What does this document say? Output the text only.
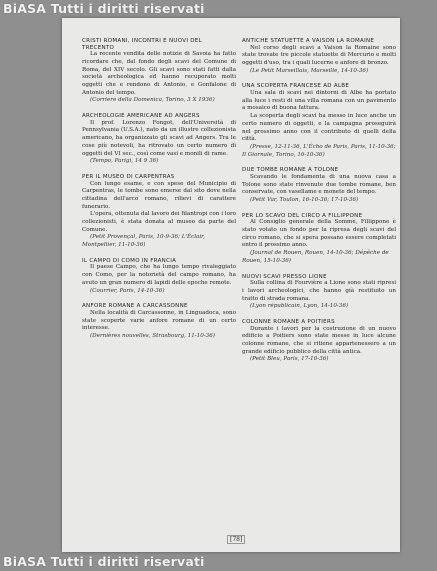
BiASA Tutti i diritti riservati
CRISTI ROMANI, INCONTRI E NUOVI DEL TRECENTO
La recente vendita delle notizie di Savoia ha fatto ricordare che, dal fondo degli scavi del Comune di Roma, del XIV secolo. Gli scavi sono stati fatti dalla società archeologica ed hanno recuperato molti oggetti che e rendono di Antonio, e Gonfalone di Antonio del tempo.
(Corriere della Domenica, Torino, 3 X 1936)
ARCHEOLOGIE AMERICANE AD ANGERS
Il prof. Lorenzo Fongot, dell'Università di Pennsylvania (U.S.A.), nato da un illustre collezionista americano, ha organizzato gli scavi ad Angers. Tra le cose più notevoli, ha ritrovato un certo numero di oggetti del VI sec., così come vasi e monili di rame.
(Tempo, Parigi, 14 9 36)
PER IL MUSEO DI CARPENTRAS
Con lungo esame, e con spese del Municipio di Carpentras, le tombe sono emerse dal sito dove nella cittadina dell'arco romano, rilievi di carattere funerario.
L'opera, ottenuta dal lavoro dei filantropi con i loro collezionisti, è stata donata al museo da parte del Comune.
(Petit Provençal, Paris, 10-9-36; L'Éclair, Montpellier, 11-10-36)
IL CAMPO DI COMO IN FRANCIA
Il paese Campo, che ha lungo tempo rivaleggiato con Como, per la notorietà del campo romano, ha avuto un gran numero di lapidi delle epoche remote.
(Courrier, Paris, 14-10-36)
ANFORE ROMANE A CARCASSONNE
Nella località di Carcassonne, in Linguadoca, sono state scoperte varie anfore romane di un certo interesse.
(Dernières nouvelles, Strasbourg, 11-10-36)
ANTICHE STATUETTE A VAISON LA ROMAINE
Nel corso degli scavi a Vaison la Romaine sono state trovate tre piccole statuette di Mercurio e molti oggetti d'uso, tra i quali lucerne e anfore di bronzo.
(Le Petit Marseillais, Marseille, 14-10-36)
UNA SCOPERTA FRANCESE AD ALBE
Una sala di scavi nei dintorni di Albe ha portato alla luce i resti di una villa romana con un pavimento a mosaico di buona fattura.
La scoperta degli scavi ha messo in luce anche un certo numero di oggetti, e la campagna proseguirà nel prossimo anno con il contributo di quelli della città.
(Presse, 12-11-36, L'Écho de Paris, Paris, 11-10-36; Il Giornale, Torino, 16-10-36)
DUE TOMBE ROMANE A TOLONE
Scavando le fondamenta di una nuova casa a Tolone sono state rinvenute due tombe romane, ben conservate, con vasellame e monete del tempo.
(Petit Var, Toulon, 16-10-36; 17-10-36)
PER LO SCAVO DEL CIRCO A FILLIPPONE
Al Consiglio generale della Somme, Fillippone è stato votato un fondo per la ripresa degli scavi del circo romano, che si spera possano essere completati entro il prossimo anno.
(Journal de Rouen, Rouen, 14-10-36; Dépêche de Rouen, 15-10-36)
NUOVI SCAVI PRESSO LIONE
Sulla collina di Fourvière a Lione sono stati ripresi i lavori archeologici, che hanno già restituito un tratto di strada romana.
(Lyon républicain, Lyon, 14-10-36)
COLONNE ROMANE A POITIERS
Durante i lavori per la costruzione di un nuovo edificio a Poitiers sono state messe in luce alcune colonne romane, che si ritiene appartenessero a un grande edificio pubblico della città antica.
(Petit Bleu, Paris, 17-10-36)
[78]
BiASA Tutti i diritti riservati
